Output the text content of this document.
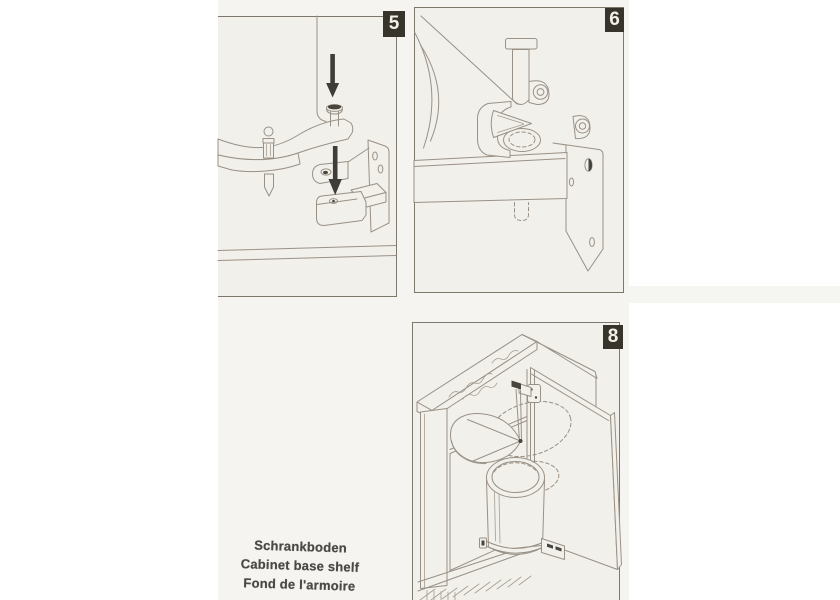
5	6
8
Schrankboden
Cabinet base shelf
Fond de l'armoire
